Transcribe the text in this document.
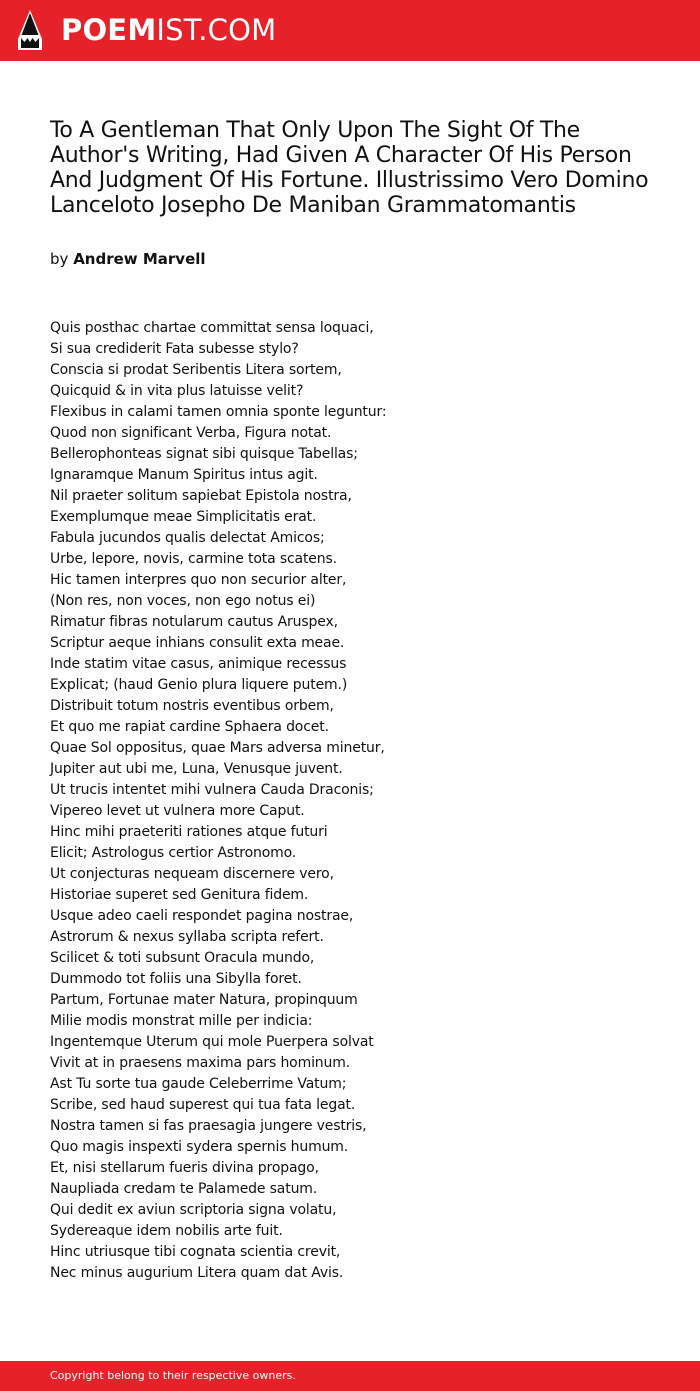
POEMIST.COM
To A Gentleman That Only Upon The Sight Of The Author's Writing, Had Given A Character Of His Person And Judgment Of His Fortune. Illustrissimo Vero Domino Lanceloto Josepho De Maniban Grammatomantis
by Andrew Marvell
Quis posthac chartae committat sensa loquaci,
Si sua crediderit Fata subesse stylo?
Conscia si prodat Seribentis Litera sortem,
Quicquid & in vita plus latuisse velit?
Flexibus in calami tamen omnia sponte leguntur:
Quod non significant Verba, Figura notat.
Bellerophonteas signat sibi quisque Tabellas;
Ignaramque Manum Spiritus intus agit.
Nil praeter solitum sapiebat Epistola nostra,
Exemplumque meae Simplicitatis erat.
Fabula jucundos qualis delectat Amicos;
Urbe, lepore, novis, carmine tota scatens.
Hic tamen interpres quo non securior alter,
(Non res, non voces, non ego notus ei)
Rimatur fibras notularum cautus Aruspex,
Scriptur aeque inhians consulit exta meae.
Inde statim vitae casus, animique recessus
Explicat; (haud Genio plura liquere putem.)
Distribuit totum nostris eventibus orbem,
Et quo me rapiat cardine Sphaera docet.
Quae Sol oppositus, quae Mars adversa minetur,
Jupiter aut ubi me, Luna, Venusque juvent.
Ut trucis intentet mihi vulnera Cauda Draconis;
Vipereo levet ut vulnera more Caput.
Hinc mihi praeteriti rationes atque futuri
Elicit; Astrologus certior Astronomo.
Ut conjecturas nequeam discernere vero,
Historiae superet sed Genitura fidem.
Usque adeo caeli respondet pagina nostrae,
Astrorum & nexus syllaba scripta refert.
Scilicet & toti subsunt Oracula mundo,
Dummodo tot foliis una Sibylla foret.
Partum, Fortunae mater Natura, propinquum
Milie modis monstrat mille per indicia:
Ingentemque Uterum qui mole Puerpera solvat
Vivit at in praesens maxima pars hominum.
Ast Tu sorte tua gaude Celeberrime Vatum;
Scribe, sed haud superest qui tua fata legat.
Nostra tamen si fas praesagia jungere vestris,
Quo magis inspexti sydera spernis humum.
Et, nisi stellarum fueris divina propago,
Naupliada credam te Palamede satum.
Qui dedit ex aviun scriptoria signa volatu,
Sydereaque idem nobilis arte fuit.
Hinc utriusque tibi cognata scientia crevit,
Nec minus augurium Litera quam dat Avis.
Copyright belong to their respective owners.
